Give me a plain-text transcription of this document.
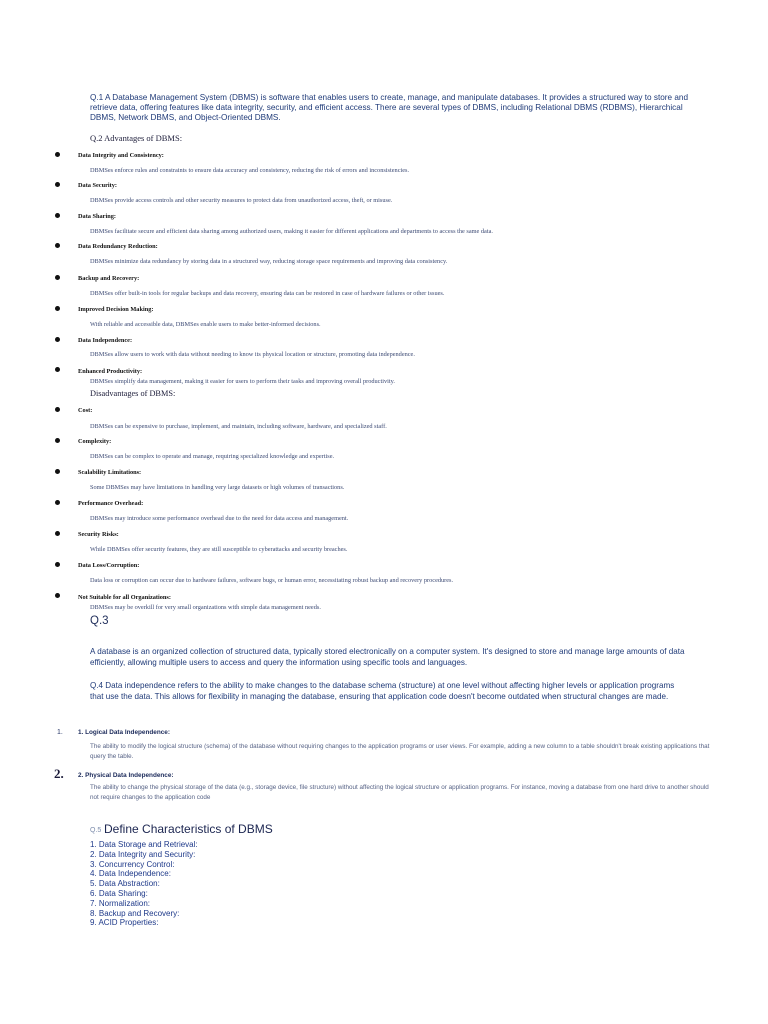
Q.1 A Database Management System (DBMS) is software that enables users to create, manage, and manipulate databases. It provides a structured way to store and retrieve data, offering features like data integrity, security, and efficient access. There are several types of DBMS, including Relational DBMS (RDBMS), Hierarchical DBMS, Network DBMS, and Object-Oriented DBMS.
Q.2 Advantages of DBMS:
Data Integrity and Consistency:
DBMSes enforce rules and constraints to ensure data accuracy and consistency, reducing the risk of errors and inconsistencies.
Data Security:
DBMSes provide access controls and other security measures to protect data from unauthorized access, theft, or misuse.
Data Sharing:
DBMSes facilitate secure and efficient data sharing among authorized users, making it easier for different applications and departments to access the same data.
Data Redundancy Reduction:
DBMSes minimize data redundancy by storing data in a structured way, reducing storage space requirements and improving data consistency.
Backup and Recovery:
DBMSes offer built-in tools for regular backups and data recovery, ensuring data can be restored in case of hardware failures or other issues.
Improved Decision Making:
With reliable and accessible data, DBMSes enable users to make better-informed decisions.
Data Independence:
DBMSes allow users to work with data without needing to know its physical location or structure, promoting data independence.
Enhanced Productivity:
DBMSes simplify data management, making it easier for users to perform their tasks and improving overall productivity.
Disadvantages of DBMS:
Cost:
DBMSes can be expensive to purchase, implement, and maintain, including software, hardware, and specialized staff.
Complexity:
DBMSes can be complex to operate and manage, requiring specialized knowledge and expertise.
Scalability Limitations:
Some DBMSes may have limitations in handling very large datasets or high volumes of transactions.
Performance Overhead:
DBMSes may introduce some performance overhead due to the need for data access and management.
Security Risks:
While DBMSes offer security features, they are still susceptible to cyberattacks and security breaches.
Data Loss/Corruption:
Data loss or corruption can occur due to hardware failures, software bugs, or human error, necessitating robust backup and recovery procedures.
Not Suitable for all Organizations:
DBMSes may be overkill for very small organizations with simple data management needs.
Q.3
A database is an organized collection of structured data, typically stored electronically on a computer system. It's designed to store and manage large amounts of data efficiently, allowing multiple users to access and query the information using specific tools and languages.
Q.4 Data independence refers to the ability to make changes to the database schema (structure) at one level without affecting higher levels or application programs that use the data. This allows for flexibility in managing the database, ensuring that application code doesn't become outdated when structural changes are made.
1. 1. Logical Data Independence:
The ability to modify the logical structure (schema) of the database without requiring changes to the application programs or user views. For example, adding a new column to a table shouldn't break existing applications that query the table.
2. 2. Physical Data Independence:
The ability to change the physical storage of the data (e.g., storage device, file structure) without affecting the logical structure or application programs. For instance, moving a database from one hard drive to another should not require changes to the application code
Q.5 Define Characteristics of DBMS
1. Data Storage and Retrieval:
2. Data Integrity and Security:
3. Concurrency Control:
4. Data Independence:
5. Data Abstraction:
6. Data Sharing:
7. Normalization:
8. Backup and Recovery:
9. ACID Properties:
